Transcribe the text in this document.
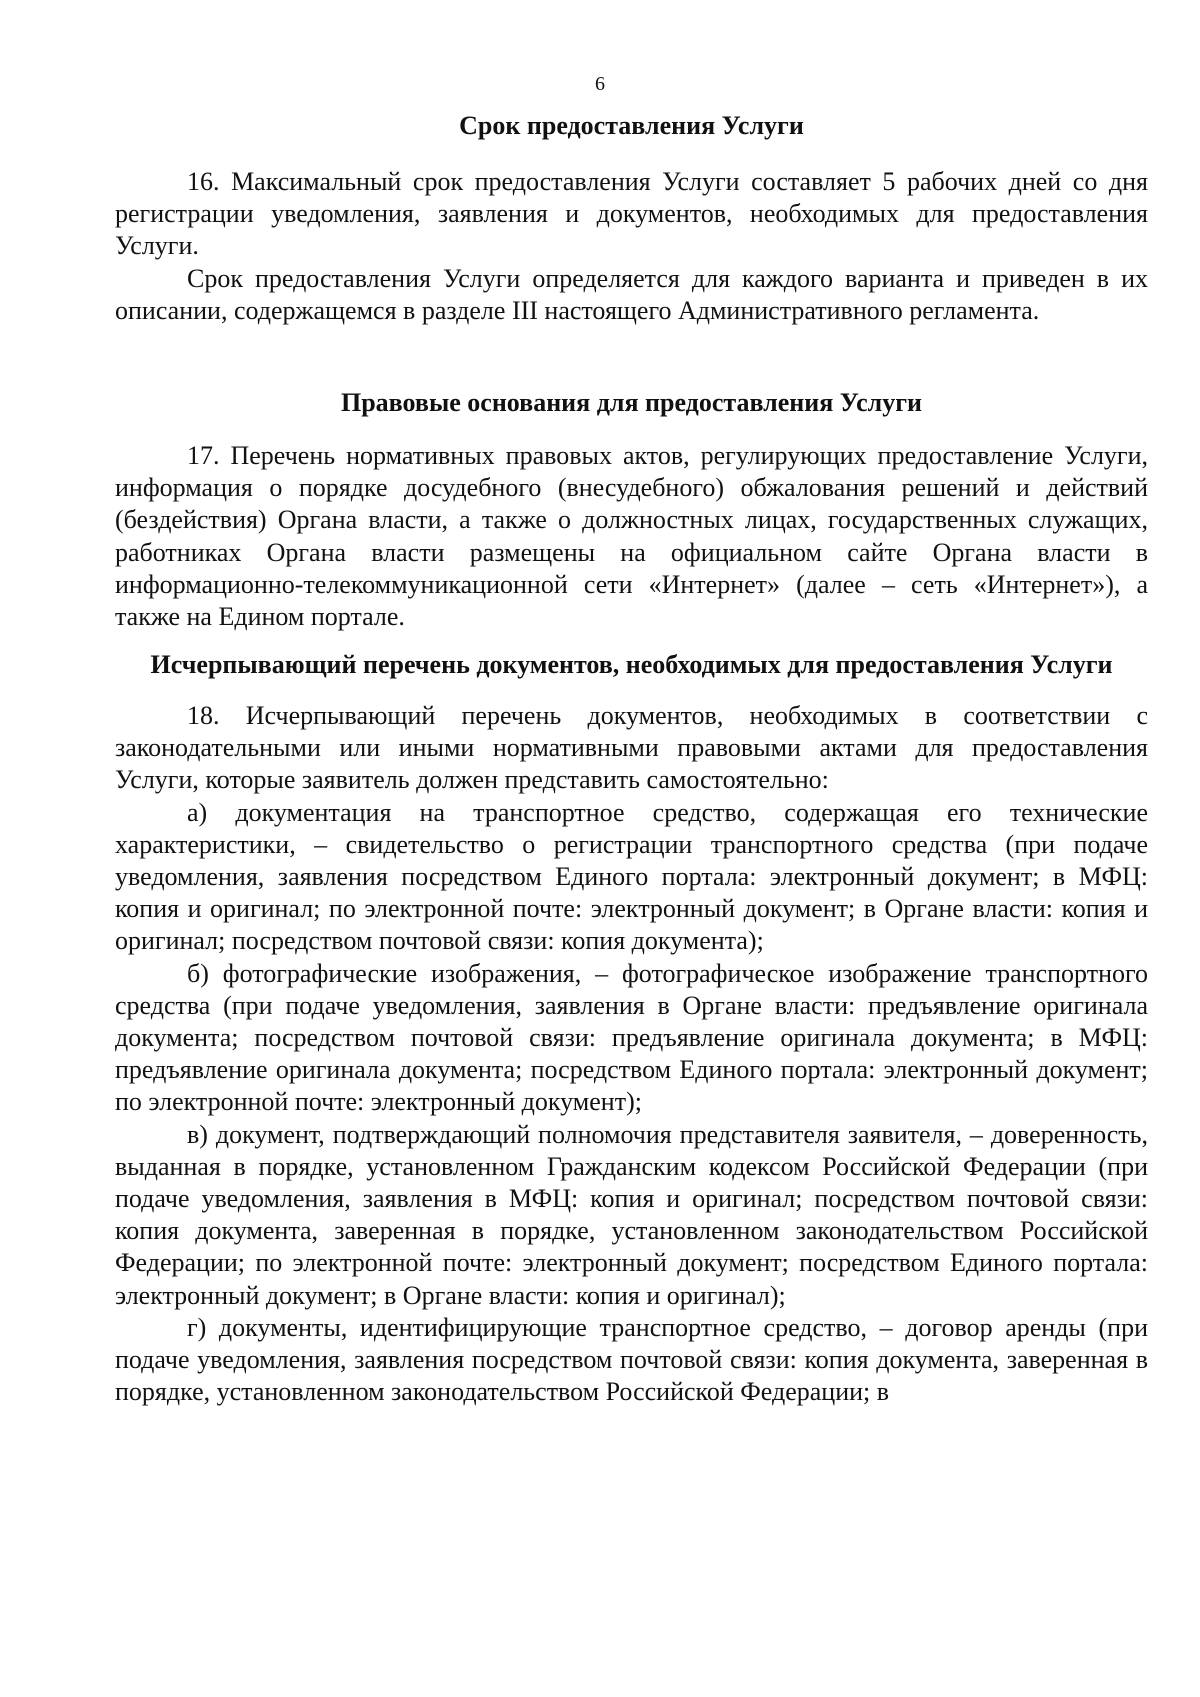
6
Срок предоставления Услуги

16. Максимальный срок предоставления Услуги составляет 5 рабочих дней со дня регистрации уведомления, заявления и документов, необходимых для предоставления Услуги.

Срок предоставления Услуги определяется для каждого варианта и приведен в их описании, содержащемся в разделе III настоящего Административного регламента.

Правовые основания для предоставления Услуги

17. Перечень нормативных правовых актов, регулирующих предоставление Услуги, информация о порядке досудебного (внесудебного) обжалования решений и действий (бездействия) Органа власти, а также о должностных лицах, государственных служащих, работниках Органа власти размещены на официальном сайте Органа власти в информационно-телекоммуникационной сети «Интернет» (далее – сеть «Интернет»), а также на Едином портале.

Исчерпывающий перечень документов, необходимых для предоставления Услуги

18. Исчерпывающий перечень документов, необходимых в соответствии с законодательными или иными нормативными правовыми актами для предоставления Услуги, которые заявитель должен представить самостоятельно:

а) документация на транспортное средство, содержащая его технические характеристики, – свидетельство о регистрации транспортного средства (при подаче уведомления, заявления посредством Единого портала: электронный документ; в МФЦ: копия и оригинал; по электронной почте: электронный документ; в Органе власти: копия и оригинал; посредством почтовой связи: копия документа);

б) фотографические изображения, – фотографическое изображение транспортного средства (при подаче уведомления, заявления в Органе власти: предъявление оригинала документа; посредством почтовой связи: предъявление оригинала документа; в МФЦ: предъявление оригинала документа; посредством Единого портала: электронный документ; по электронной почте: электронный документ);

в) документ, подтверждающий полномочия представителя заявителя, – доверенность, выданная в порядке, установленном Гражданским кодексом Российской Федерации (при подаче уведомления, заявления в МФЦ: копия и оригинал; посредством почтовой связи: копия документа, заверенная в порядке, установленном законодательством Российской Федерации; по электронной почте: электронный документ; посредством Единого портала: электронный документ; в Органе власти: копия и оригинал);

г) документы, идентифицирующие транспортное средство, – договор аренды (при подаче уведомления, заявления посредством почтовой связи: копия документа, заверенная в порядке, установленном законодательством Российской Федерации; в
